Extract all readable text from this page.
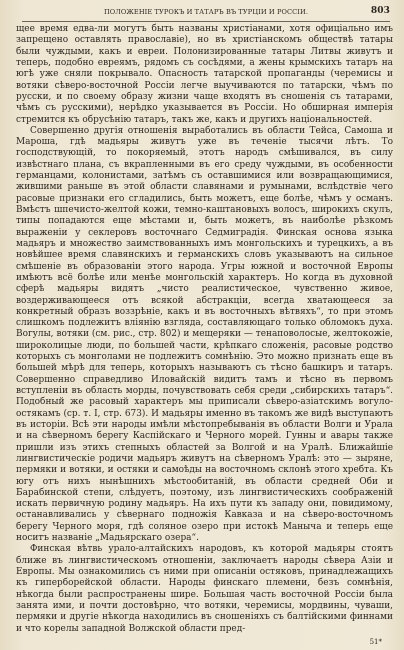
ПОЛОЖЕНІЕ ТУРОКЪ И ТАТАРЪ ВЪ ТУРЦІИ И РОССІИ.	803

щее время едва-ли могутъ быть названы христіанами, хотя офиціально имъ запрещено оставлять православіе), но въ христіанскомъ обществѣ татары были чуждыми, какъ и евреи. Полонизированные татары Литвы живутъ и теперь, подобно евреямъ, рядомъ съ сосѣдями, а жены крымскихъ татаръ на югѣ уже сняли покрывало. Опасность татарской пропаганды (черемисы и вотяки сѣверо-восточной Россіи легче выучиваются по татарски, чѣмъ по русски, и по своему образу жизни чаще входятъ въ сношенія съ татарами, чѣмъ съ русскими), нерѣдко указывается въ Россіи. Но обширная имперія стремится къ обрусѣнію татаръ, такъ же, какъ и другихъ національностей.

Совершенно другія отношенія выработались въ области Тейса, Самоша и Мароша, гдѣ мадьяры живутъ уже въ теченіе тысячи лѣтъ. То господствующій, то покоряемый, этотъ народъ смѣшивался, въ силу извѣстнаго плана, съ вкрапленными въ его среду чуждыми, въ особенности германцами, колонистами, затѣмъ съ оставшимися или возвращающимися, жившими раньше въ этой области славянами и румынами, вслѣдствіе чего расовые признаки его сгладились, быть можетъ, еще болѣе, чѣмъ у османъ. Вмѣстъ шпечисто-желтой кожи, темно-каштановыхъ волосъ, широкихъ скулъ, типы попадаются еще мѣстами и, быть можетъ, въ наиболѣе рѣзкомъ выраженіи у секлеровъ восточнаго Седмиградія. Финская основа языка мадьяръ и множество заимствованныхъ имъ монгольскихъ и турецкихъ, а въ новѣйшее время славянскихъ и германскихъ словъ указываютъ на сильное смѣшеніе въ образованіи этого народа. Угры южной и восточной Европы имѣютъ всё болѣе или менѣе монгольскій характеръ. Но когда въ духовной сферѣ мадьяры видятъ „чисто реалистическое, чувственно живое, воздерживающееся отъ всякой абстракціи, всегда хватающееся за конкретный образъ воззрѣніе, какъ и въ восточныхъ вѣтвяхъ“, то при этомъ слишкомъ подлежитъ вліянію взгляда, составляющаго только обломокъ духа. Вогулы, вотяки (см. рис., стр. 802) и мещеряки — тенаповолосые, желтокожіе, широколицые люди, по большей части, крѣпкаго сложенія, расовые родство которыхъ съ монголами не подлежитъ сомнѣнію. Это можно признать еще въ большей мѣрѣ для теперь, которыхъ называютъ съ тѣсно башкиръ и татаръ. Совершенно справедливо Иловайскій видитъ тамъ и тѣсно въ первомъ вступленіи въ область морды, почувствовать себя среди „сибирскихъ татаръ“. Подобный же расовый характеръ мы приписали сѣверо-азіатскимъ вогуло-остякамъ (ср. т. I, стр. 673). И мадьяры именно въ такомъ же видѣ выступаютъ въ исторіи. Всѣ эти народы имѣли мѣстопребыванія въ области Волги и Урала и на сѣверномъ берегу Каспійскаго и Черного морей. Гунны и авары также пришли изъ этихъ степныхъ областей за Волгой и на Уралѣ. Ближайшіе лингвистическіе родичи мадьяръ живутъ на сѣверномъ Уралѣ: это — зыряне, пермяки и вотяки, и остяки и самоѣды на восточномъ склонѣ этого хребта. Къ югу отъ нихъ нынѣшнихъ мѣстообитаній, въ области средней Оби и Барабинской степи, слѣдуетъ, поэтому, изъ лингвистическихъ соображеній искать первичную родину мадьяръ. На ихъ пути къ западу они, повидимому, останавливались у сѣвернаго подножія Кавказа и на сѣверо-восточномъ берегу Черного моря, гдѣ соляное озеро при истокѣ Маныча и теперь еще носитъ названіе „Мадьярскаго озера“.

Финская вѣтвь урало-алтайскихъ народовъ, къ которой мадьяры стоятъ ближе въ лингвистическомъ отношеніи, заключаетъ народы сѣвера Азіи и Европы. Мы ознакомились съ ними при описаніи остяковъ, принадлежащихъ къ гиперборейской области. Народы финскаго племени, безъ сомнѣнія, нѣкогда были распространены шире. Большая часть восточной Россіи была занята ими, и почти достовѣрно, что вотяки, черемисы, мордвины, чуваши, пермяки и другіе нѣкогда находились въ сношеніяхъ съ балтійскими финнами и что корелы западной Волжской области пред-

51*
